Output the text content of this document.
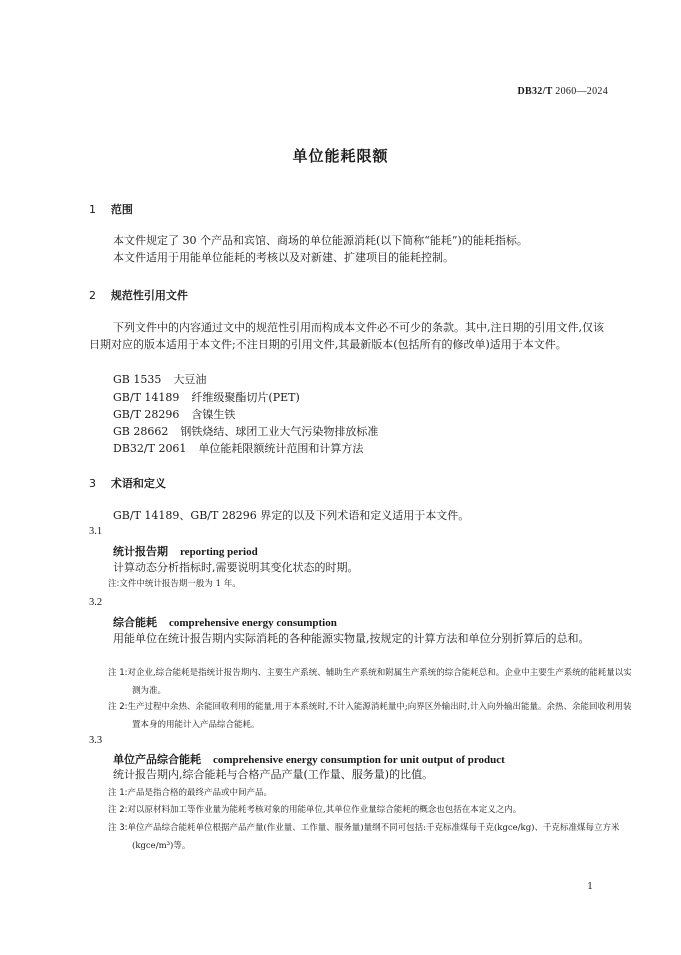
DB32/T 2060—2024
单位能耗限额
1 范围
本文件规定了 30 个产品和宾馆、商场的单位能源消耗(以下简称“能耗”)的能耗指标。
本文件适用于用能单位能耗的考核以及对新建、扩建项目的能耗控制。
2 规范性引用文件
下列文件中的内容通过文中的规范性引用而构成本文件必不可少的条款。其中,注日期的引用文件,仅该日期对应的版本适用于本文件;不注日期的引用文件,其最新版本(包括所有的修改单)适用于本文件。
GB 1535 大豆油
GB/T 14189 纤维级聚酯切片(PET)
GB/T 28296 含镍生铁
GB 28662 钢铁烧结、球团工业大气污染物排放标准
DB32/T 2061 单位能耗限额统计范围和计算方法
3 术语和定义
GB/T 14189、GB/T 28296 界定的以及下列术语和定义适用于本文件。
3.1
统计报告期 reporting period
计算动态分析指标时,需要说明其变化状态的时期。
注:文件中统计报告期一般为 1 年。
3.2
综合能耗 comprehensive energy consumption
用能单位在统计报告期内实际消耗的各种能源实物量,按规定的计算方法和单位分别折算后的总和。
注 1:对企业,综合能耗是指统计报告期内、主要生产系统、辅助生产系统和附属生产系统的综合能耗总和。企业中主要生产系统的能耗量以实测为准。
注 2:生产过程中余热、余能回收利用的能量,用于本系统时,不计入能源消耗量中;向界区外输出时,计入向外输出能量。余热、余能回收利用装置本身的用能计入产品综合能耗。
3.3
单位产品综合能耗 comprehensive energy consumption for unit output of product
统计报告期内,综合能耗与合格产品产量(工作量、服务量)的比值。
注 1:产品是指合格的最终产品或中间产品。
注 2:对以原材料加工等作业量为能耗考核对象的用能单位,其单位作业量综合能耗的概念也包括在本定义之内。
注 3:单位产品综合能耗单位根据产品产量(作业量、工作量、服务量)量纲不同可包括:千克标准煤每千克(kgce/kg)、千克标准煤每立方米(kgce/m³)等。
1
